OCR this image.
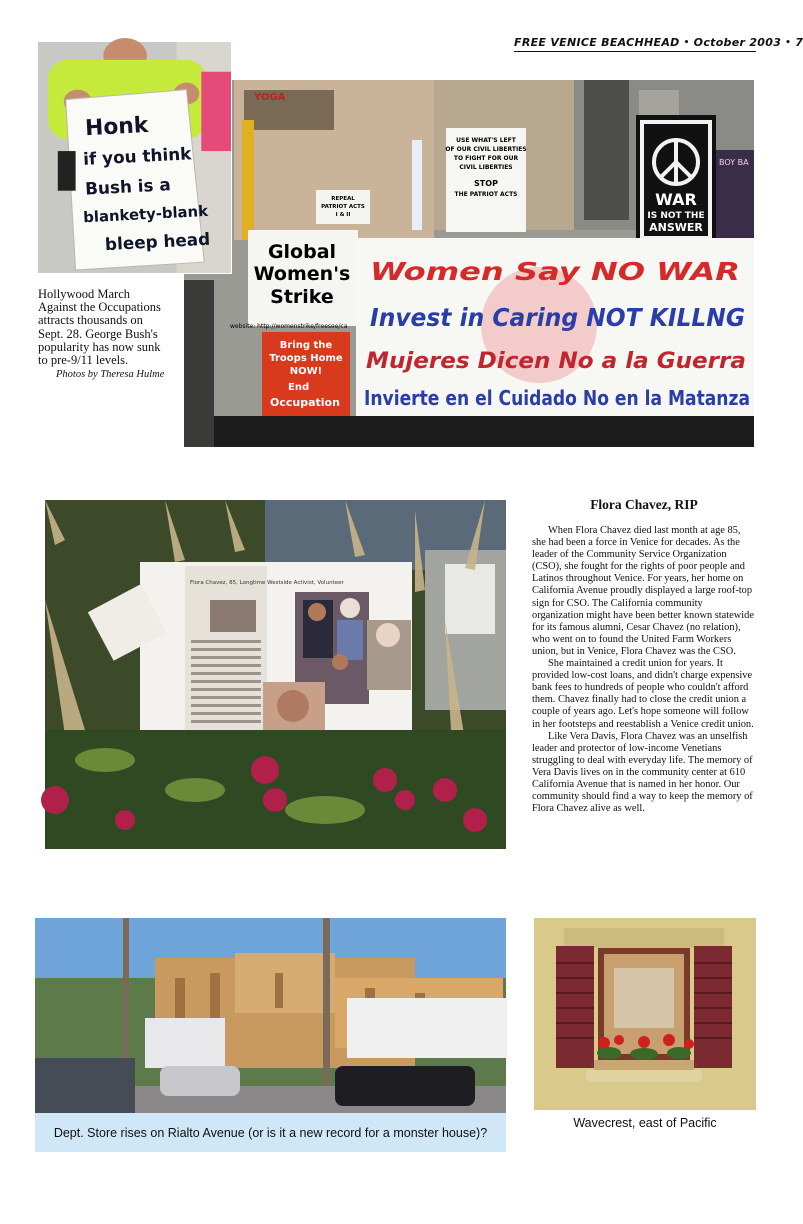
FREE VENICE BEACHHEAD • October 2003 • 7
YOGA
BOY BA
REPEAL
PATRIOT ACTS
I & II
USE WHAT'S LEFT
OF OUR CIVIL LIBERTIES
TO FIGHT FOR OUR
CIVIL LIBERTIES
STOP
THE PATRIOT ACTS	WAR
IS NOT THE
ANSWER
Global
Women's
Strike
website: http://womenstrike/freesee/ca
Bring the
Troops Home
NOW!
End
Occupation
Women Say NO WAR
Invest in Caring NOT KILLNG
Mujeres Dicen No a la Guerra
Invierte en el Cuidado No en la Matanza
Honk
if you think
Bush is a
blankety-blank
bleep head
Hollywood March Against the Occupations attracts thousands on Sept. 28. George Bush's popularity has now sunk to pre-9/11 levels.
Photos by Theresa Hulme
Flora Chavez, 85, Longtime Westside Activist, Volunteer
Flora Chavez, RIP

When Flora Chavez died last month at age 85, she had been a force in Venice for decades. As the leader of the Community Service Organization (CSO), she fought for the rights of poor people and Latinos throughout Venice. For years, her home on California Avenue proudly displayed a large roof-top sign for CSO. The California community organization might have been better known statewide for its famous alumni, Cesar Chavez (no relation), who went on to found the United Farm Workers union, but in Venice, Flora Chavez was the CSO.

She maintained a credit union for years. It provided low-cost loans, and didn't charge expensive bank fees to hundreds of people who couldn't afford them. Chavez finally had to close the credit union a couple of years ago. Let's hope someone will follow in her footsteps and reestablish a Venice credit union.

Like Vera Davis, Flora Chavez was an unselfish leader and protector of low-income Venetians struggling to deal with everyday life. The memory of Vera Davis lives on in the community center at 610 California Avenue that is named in her honor. Our community should find a way to keep the memory of Flora Chavez alive as well.

Dept. Store rises on Rialto Avenue (or is it a new record for a monster house)?
Wavecrest, east of Pacific
